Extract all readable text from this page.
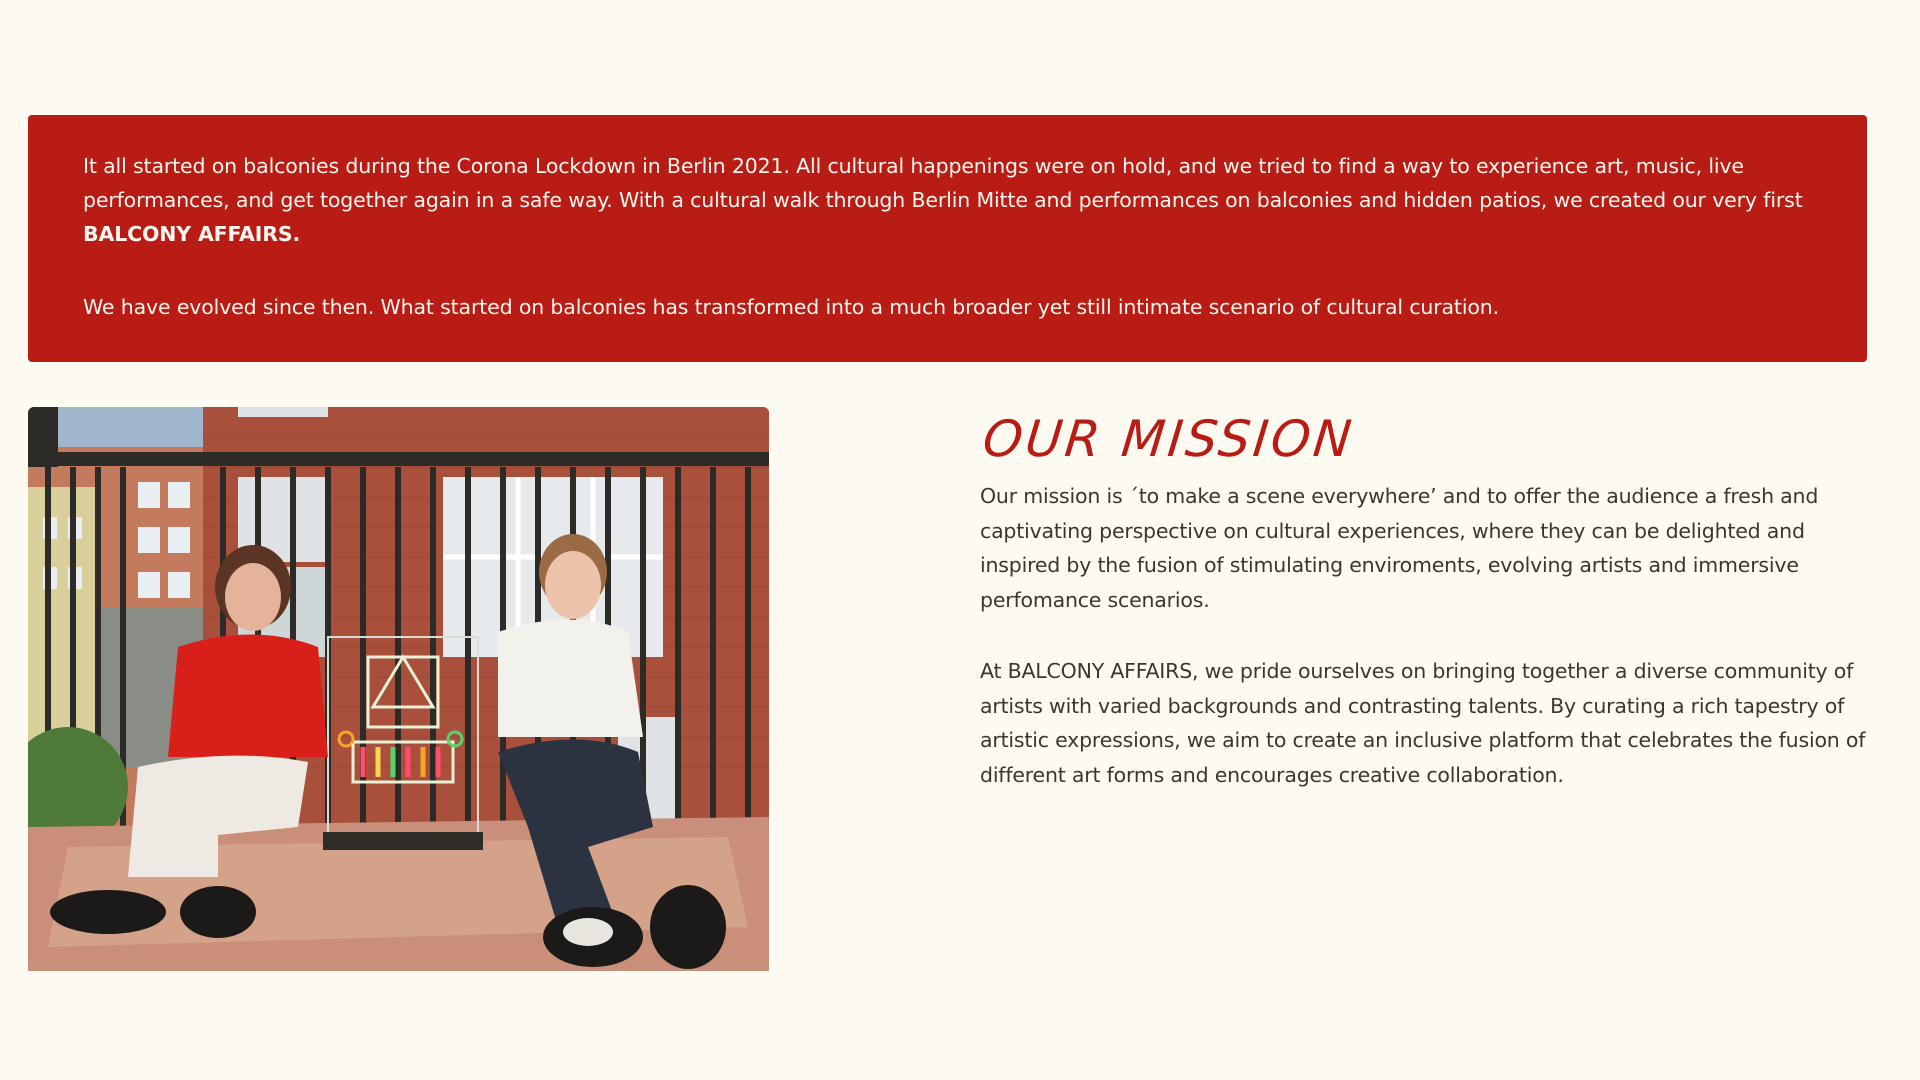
It all started on balconies during the Corona Lockdown in Berlin 2021. All cultural happenings were on hold, and we tried to find a way to experience art, music, live performances, and get together again in a safe way. With a cultural walk through Berlin Mitte and performances on balconies and hidden patios, we created our very first BALCONY AFFAIRS.

We have evolved since then. What started on balconies has transformed into a much broader yet still intimate scenario of cultural curation.

OUR MISSION

Our mission is ´to make a scene everywhere’ and to offer the audience a fresh and captivating perspective on cultural experiences, where they can be delighted and inspired by the fusion of stimulating enviroments, evolving artists and immersive perfomance scenarios.

At BALCONY AFFAIRS, we pride ourselves on bringing together a diverse community of artists with varied backgrounds and contrasting talents. By curating a rich tapestry of artistic expressions, we aim to create an inclusive platform that celebrates the fusion of different art forms and encourages creative collaboration.
